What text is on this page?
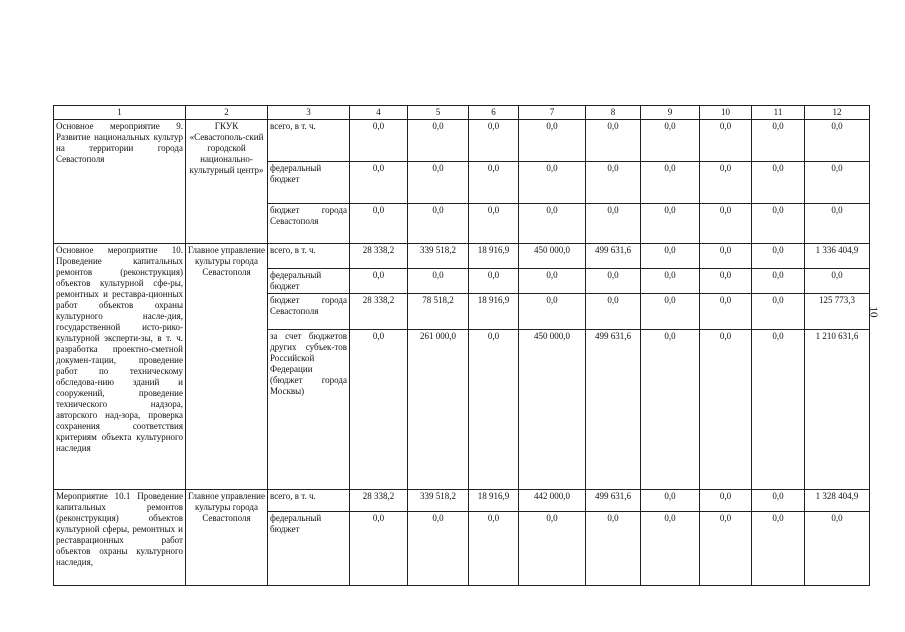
1	2	3	4	5	6	7	8	9	10	11	12
Основное мероприятие 9. Развитие национальных культур на территории города Севастополя	ГКУК «Севастополь-ский городской национально-культурный центр»	всего, в т. ч.	0,0	0,0	0,0	0,0	0,0	0,0	0,0	0,0	0,0
		федеральный бюджет	0,0	0,0	0,0	0,0	0,0	0,0	0,0	0,0	0,0
		бюджет города Севастополя	0,0	0,0	0,0	0,0	0,0	0,0	0,0	0,0	0,0
Основное мероприятие 10. Проведение капитальных ремонтов (реконструкция) объектов культурной сфе-ры, ремонтных и реставра-ционных работ объектов охраны культурного насле-дия, государственной исто-рико-культурной эксперти-зы, в т. ч. разработка проектно-сметной докумен-тации, проведение работ по техническому обследова-нию зданий и сооружений, проведение технического надзора, авторского над-зора, проверка сохранения соответствия критериям объекта культурного наследия	Главное управление культуры города Севастополя	всего, в т. ч.	28 338,2	339 518,2	18 916,9	450 000,0	499 631,6	0,0	0,0	0,0	1 336 404,9
		федеральный бюджет	0,0	0,0	0,0	0,0	0,0	0,0	0,0	0,0	0,0
		бюджет города Севастополя	28 338,2	78 518,2	18 916,9	0,0	0,0	0,0	0,0	0,0	125 773,3
		за счет бюджетов других субъек-тов Российской Федерации (бюджет города Москвы)	0,0	261 000,0	0,0	450 000,0	499 631,6	0,0	0,0	0,0	1 210 631,6
Мероприятие 10.1 Проведение капитальных ремонтов (реконструкция) объектов культурной сферы, ремонтных и реставрационных работ объектов охраны культурного наследия,	Главное управление культуры города Севастополя	всего, в т. ч.	28 338,2	339 518,2	18 916,9	442 000,0	499 631,6	0,0	0,0	0,0	1 328 404,9
		федеральный бюджет	0,0	0,0	0,0	0,0	0,0	0,0	0,0	0,0	0,0
10
